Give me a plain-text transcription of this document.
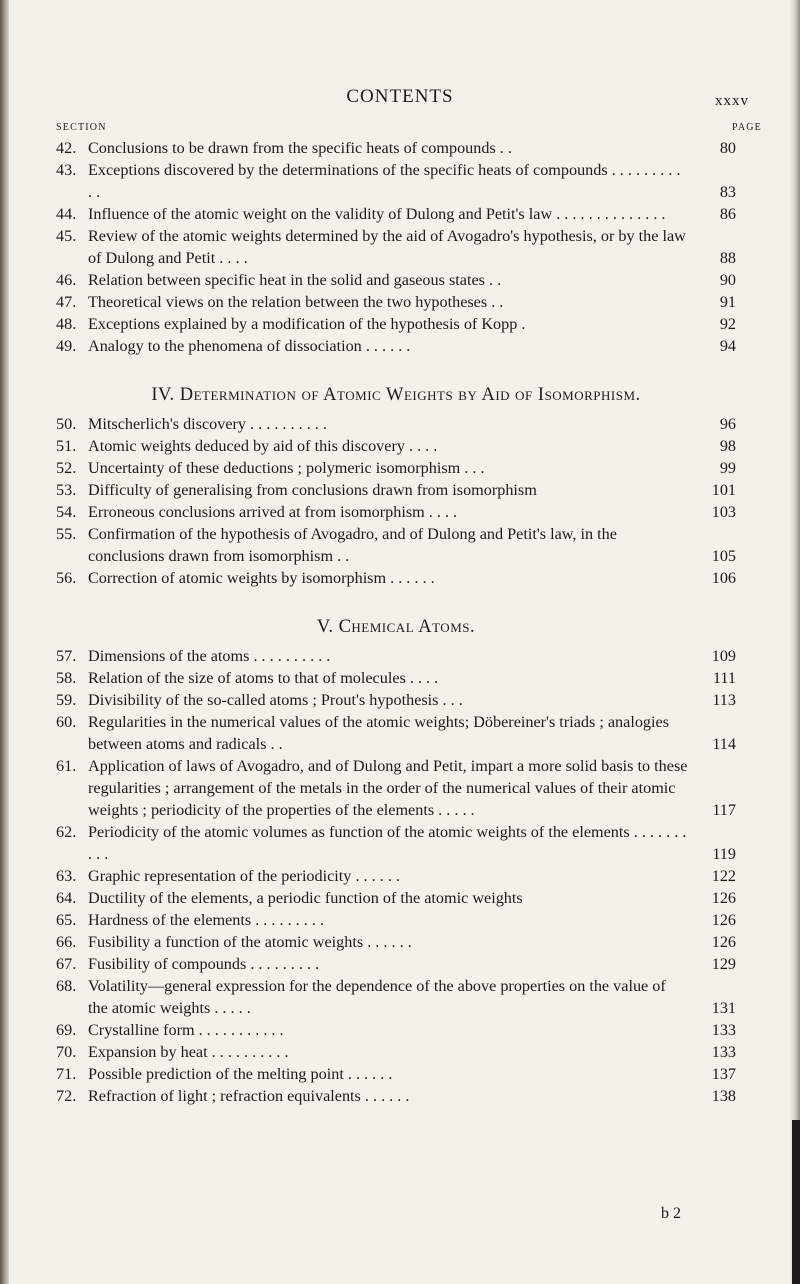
CONTENTS	xxxv
SECTION	PAGE
42. Conclusions to be drawn from the specific heats of compounds . .	80
43. Exceptions discovered by the determinations of the specific heats of compounds . . . . . . . . . . .	83
44. Influence of the atomic weight on the validity of Dulong and Petit's law . . . . . . . . . . . . . .	86
45. Review of the atomic weights determined by the aid of Avogadro's hypothesis, or by the law of Dulong and Petit . . . .	88
46. Relation between specific heat in the solid and gaseous states . .	90
47. Theoretical views on the relation between the two hypotheses . .	91
48. Exceptions explained by a modification of the hypothesis of Kopp .	92
49. Analogy to the phenomena of dissociation . . . . . .	94
IV. Determination of Atomic Weights by Aid of Isomorphism.
50. Mitscherlich's discovery . . . . . . . . . .	96
51. Atomic weights deduced by aid of this discovery . . . .	98
52. Uncertainty of these deductions ; polymeric isomorphism . . .	99
53. Difficulty of generalising from conclusions drawn from isomorphism	101
54. Erroneous conclusions arrived at from isomorphism . . . .	103
55. Confirmation of the hypothesis of Avogadro, and of Dulong and Petit's law, in the conclusions drawn from isomorphism . .	105
56. Correction of atomic weights by isomorphism . . . . . .	106
V. Chemical Atoms.
57. Dimensions of the atoms . . . . . . . . . .	109
58. Relation of the size of atoms to that of molecules . . . .	111
59. Divisibility of the so-called atoms ; Prout's hypothesis . . .	113
60. Regularities in the numerical values of the atomic weights; Döbereiner's triads ; analogies between atoms and radicals . .	114
61. Application of laws of Avogadro, and of Dulong and Petit, impart a more solid basis to these regularities ; arrangement of the metals in the order of the numerical values of their atomic weights ; periodicity of the properties of the elements . . . . .	117
62. Periodicity of the atomic volumes as function of the atomic weights of the elements . . . . . . . . . .	119
63. Graphic representation of the periodicity . . . . . .	122
64. Ductility of the elements, a periodic function of the atomic weights	126
65. Hardness of the elements . . . . . . . . .	126
66. Fusibility a function of the atomic weights . . . . . .	126
67. Fusibility of compounds . . . . . . . . .	129
68. Volatility—general expression for the dependence of the above properties on the value of the atomic weights . . . . .	131
69. Crystalline form . . . . . . . . . . .	133
70. Expansion by heat . . . . . . . . . .	133
71. Possible prediction of the melting point . . . . . .	137
72. Refraction of light ; refraction equivalents . . . . . .	138
b 2
